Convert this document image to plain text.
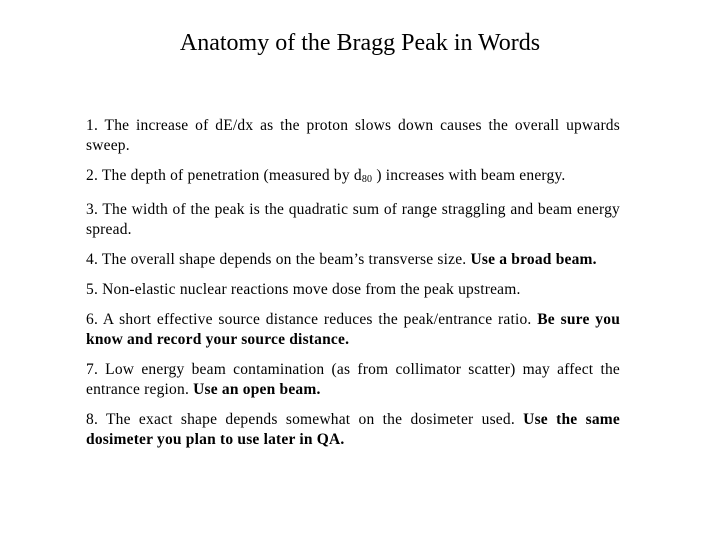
Anatomy of the Bragg Peak in Words
1. The increase of dE/dx as the proton slows down causes the overall upwards sweep.
2. The depth of penetration (measured by $d_{80}$ ) increases with beam energy.
3. The width of the peak is the quadratic sum of range straggling and beam energy spread.
4. The overall shape depends on the beam’s transverse size. Use a broad beam.
5. Non-elastic nuclear reactions move dose from the peak upstream.
6. A short effective source distance reduces the peak/entrance ratio. Be sure you know and record your source distance.
7. Low energy beam contamination (as from collimator scatter) may affect the entrance region. Use an open beam.
8. The exact shape depends somewhat on the dosimeter used. Use the same dosimeter you plan to use later in QA.
